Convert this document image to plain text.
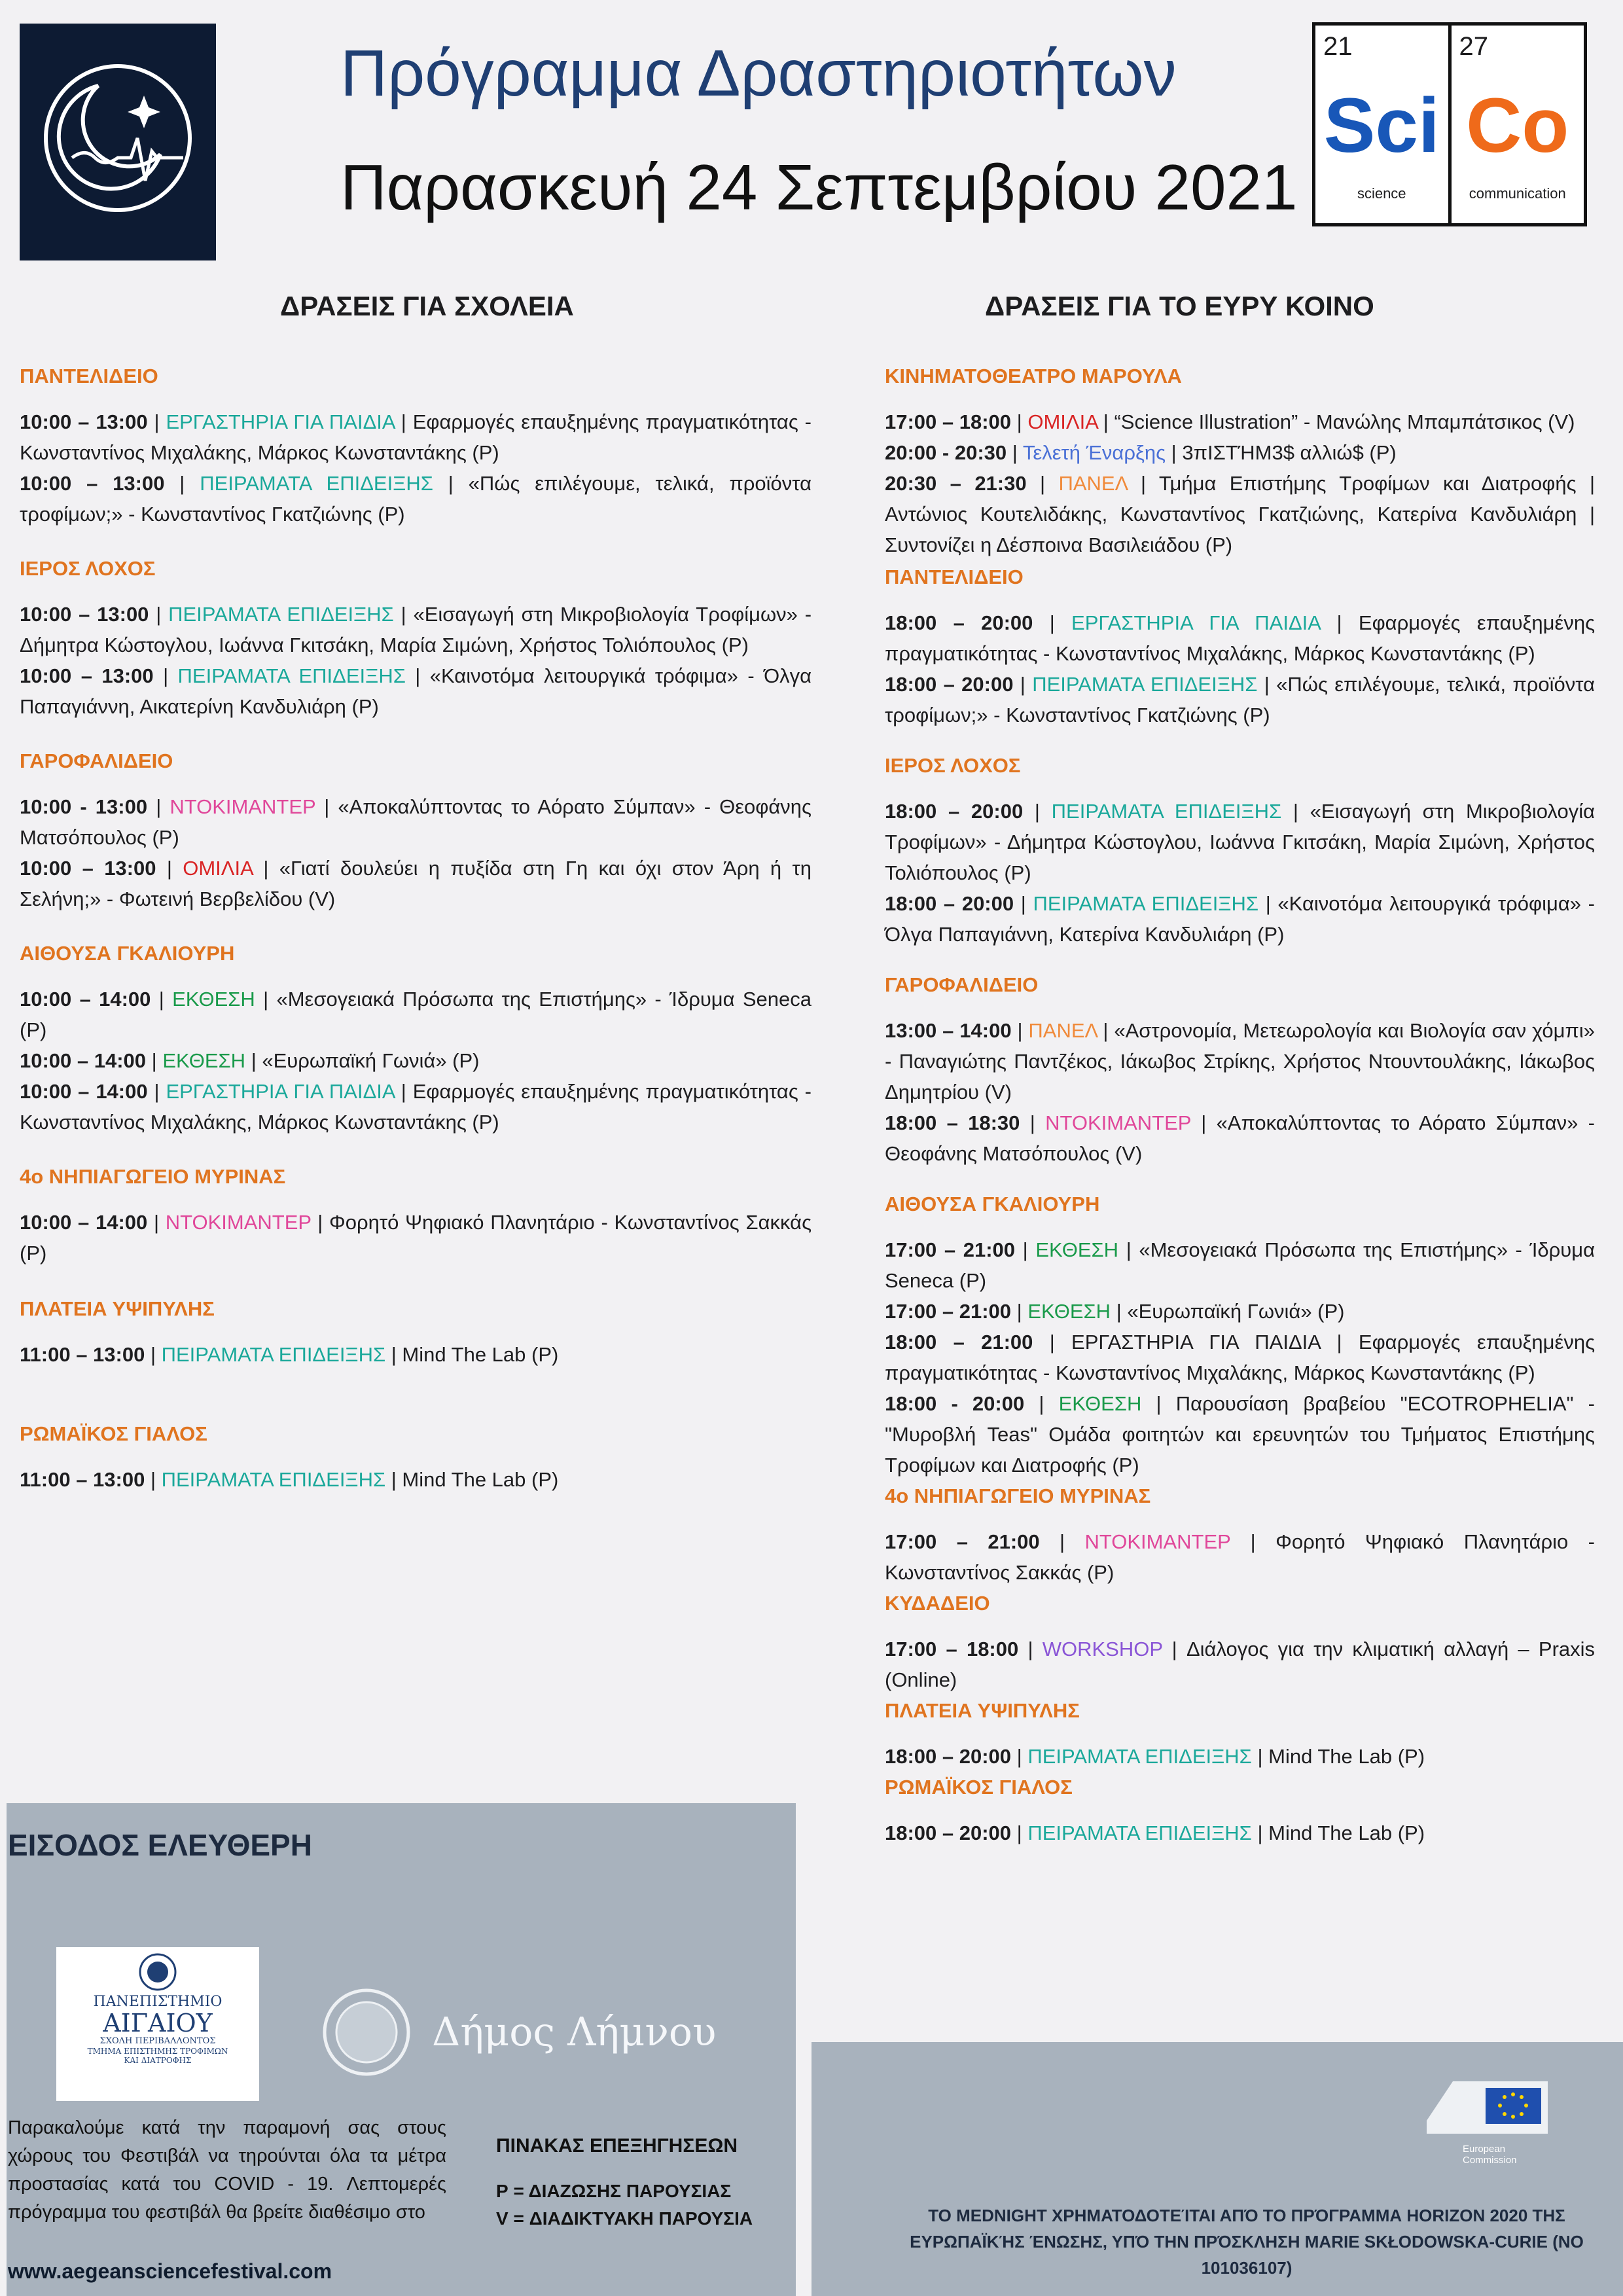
Πρόγραμμα Δραστηριοτήτων
Παρασκευή 24 Σεπτεμβρίου 2021
21
Sci
science
27
Co
communication
ΔΡΑΣΕΙΣ ΓΙΑ ΣΧΟΛΕΙΑ	ΔΡΑΣΕΙΣ ΓΙΑ ΤΟ ΕΥΡΥ ΚΟΙΝΟ

ΠΑΝΤΕΛΙΔΕΙΟ

10:00 – 13:00 | ΕΡΓΑΣΤΗΡΙΑ ΓΙΑ ΠΑΙΔΙΑ | Εφαρμογές επαυξημένης πραγματικότητας - Κωνσταντίνος Μιχαλάκης, Μάρκος Κωνσταντάκης (Ρ)

10:00 – 13:00 | ΠΕΙΡΑΜΑΤΑ ΕΠΙΔΕΙΞΗΣ | «Πώς επιλέγουμε, τελικά, προϊόντα τροφίμων;» - Κωνσταντίνος Γκατζιώνης (Ρ)

ΙΕΡΟΣ ΛΟΧΟΣ

10:00 – 13:00 | ΠΕΙΡΑΜΑΤΑ ΕΠΙΔΕΙΞΗΣ | «Εισαγωγή στη Μικροβιολογία Τροφίμων» - Δήμητρα Κώστογλου, Ιωάννα Γκιτσάκη, Μαρία Σιμώνη, Χρήστος Τολιόπουλος (Ρ)

10:00 – 13:00 | ΠΕΙΡΑΜΑΤΑ ΕΠΙΔΕΙΞΗΣ | «Καινοτόμα λειτουργικά τρόφιμα» - Όλγα Παπαγιάννη, Αικατερίνη Κανδυλιάρη (Ρ)

ΓΑΡΟΦΑΛΙΔΕΙΟ

10:00 - 13:00 | ΝΤΟΚΙΜΑΝΤΕΡ | «Αποκαλύπτοντας το Αόρατο Σύμπαν» - Θεοφάνης Ματσόπουλος (Ρ)

10:00 – 13:00 | ΟΜΙΛΙΑ | «Γιατί δουλεύει η πυξίδα στη Γη και όχι στον Άρη ή τη Σελήνη;» - Φωτεινή Βερβελίδου (V)

ΑΙΘΟΥΣΑ ΓΚΑΛΙΟΥΡΗ

10:00 – 14:00 | ΕΚΘΕΣΗ | «Μεσογειακά Πρόσωπα της Επιστήμης» - Ίδρυμα Seneca (Ρ)

10:00 – 14:00 | ΕΚΘΕΣΗ | «Ευρωπαϊκή Γωνιά» (Ρ)

10:00 – 14:00 | ΕΡΓΑΣΤΗΡΙΑ ΓΙΑ ΠΑΙΔΙΑ | Εφαρμογές επαυξημένης πραγματικότητας - Κωνσταντίνος Μιχαλάκης, Μάρκος Κωνσταντάκης (Ρ)

4ο ΝΗΠΙΑΓΩΓΕΙΟ ΜΥΡΙΝΑΣ

10:00 – 14:00 | ΝΤΟΚΙΜΑΝΤΕΡ | Φορητό Ψηφιακό Πλανητάριο - Κωνσταντίνος Σακκάς (Ρ)

ΠΛΑΤΕΙΑ ΥΨΙΠΥΛΗΣ

11:00 – 13:00 | ΠΕΙΡΑΜΑΤΑ ΕΠΙΔΕΙΞΗΣ | Mind The Lab (Ρ)

ΡΩΜΑΪΚΟΣ ΓΙΑΛΟΣ

11:00 – 13:00 | ΠΕΙΡΑΜΑΤΑ ΕΠΙΔΕΙΞΗΣ | Mind The Lab (Ρ)

ΚΙΝΗΜΑΤΟΘΕΑΤΡΟ ΜΑΡΟΥΛΑ

17:00 – 18:00 | ΟΜΙΛΙΑ | “Science Illustration” - Μανώλης Μπαμπάτσικος (V)

20:00 - 20:30 | Τελετή Έναρξης | 3πΙΣΤΉΜ3$ αλλιώ$ (Ρ)

20:30 – 21:30 | ΠΑΝΕΛ | Τμήμα Επιστήμης Τροφίμων και Διατροφής | Αντώνιος Κουτελιδάκης, Κωνσταντίνος Γκατζιώνης, Κατερίνα Κανδυλιάρη | Συντονίζει η Δέσποινα Βασιλειάδου (Ρ)

ΠΑΝΤΕΛΙΔΕΙΟ

18:00 – 20:00 | ΕΡΓΑΣΤΗΡΙΑ ΓΙΑ ΠΑΙΔΙΑ | Εφαρμογές επαυξημένης πραγματικότητας - Κωνσταντίνος Μιχαλάκης, Μάρκος Κωνσταντάκης (Ρ)

18:00 – 20:00 | ΠΕΙΡΑΜΑΤΑ ΕΠΙΔΕΙΞΗΣ | «Πώς επιλέγουμε, τελικά, προϊόντα τροφίμων;» - Κωνσταντίνος Γκατζιώνης (Ρ)

ΙΕΡΟΣ ΛΟΧΟΣ

18:00 – 20:00 | ΠΕΙΡΑΜΑΤΑ ΕΠΙΔΕΙΞΗΣ | «Εισαγωγή στη Μικροβιολογία Τροφίμων» - Δήμητρα Κώστογλου, Ιωάννα Γκιτσάκη, Μαρία Σιμώνη, Χρήστος Τολιόπουλος (Ρ)

18:00 – 20:00 | ΠΕΙΡΑΜΑΤΑ ΕΠΙΔΕΙΞΗΣ | «Καινοτόμα λειτουργικά τρόφιμα» - Όλγα Παπαγιάννη, Κατερίνα Κανδυλιάρη (Ρ)

ΓΑΡΟΦΑΛΙΔΕΙΟ

13:00 – 14:00 | ΠΑΝΕΛ | «Αστρονομία, Μετεωρολογία και Βιολογία σαν χόμπι» - Παναγιώτης Παντζέκος, Ιάκωβος Στρίκης, Χρήστος Ντουντουλάκης, Ιάκωβος Δημητρίου (V)

18:00 – 18:30 | ΝΤΟΚΙΜΑΝΤΕΡ | «Αποκαλύπτοντας το Αόρατο Σύμπαν» - Θεοφάνης Ματσόπουλος (V)

ΑΙΘΟΥΣΑ ΓΚΑΛΙΟΥΡΗ

17:00 – 21:00 | ΕΚΘΕΣΗ | «Μεσογειακά Πρόσωπα της Επιστήμης» - Ίδρυμα Seneca (Ρ)

17:00 – 21:00 | ΕΚΘΕΣΗ | «Ευρωπαϊκή Γωνιά» (Ρ)

18:00 – 21:00 | ΕΡΓΑΣΤΗΡΙΑ ΓΙΑ ΠΑΙΔΙΑ | Εφαρμογές επαυξημένης πραγματικότητας - Κωνσταντίνος Μιχαλάκης, Μάρκος Κωνσταντάκης (Ρ)

18:00 - 20:00 | ΕΚΘΕΣΗ | Παρουσίαση βραβείου "ECOTROPHELIA" - "Μυροβλή Teas" Ομάδα φοιτητών και ερευνητών του Τμήματος Επιστήμης Τροφίμων και Διατροφής (Ρ)

4ο ΝΗΠΙΑΓΩΓΕΙΟ ΜΥΡΙΝΑΣ

17:00 – 21:00 | ΝΤΟΚΙΜΑΝΤΕΡ | Φορητό Ψηφιακό Πλανητάριο - Κωνσταντίνος Σακκάς (Ρ)

ΚΥΔΑΔΕΙΟ

17:00 – 18:00 | WORKSHOP | Διάλογος για την κλιματική αλλαγή – Praxis (Online)

ΠΛΑΤΕΙΑ ΥΨΙΠΥΛΗΣ

18:00 – 20:00 | ΠΕΙΡΑΜΑΤΑ ΕΠΙΔΕΙΞΗΣ | Mind The Lab (Ρ)

ΡΩΜΑΪΚΟΣ ΓΙΑΛΟΣ

18:00 – 20:00 | ΠΕΙΡΑΜΑΤΑ ΕΠΙΔΕΙΞΗΣ | Mind The Lab (Ρ)

ΕΙΣΟΔΟΣ ΕΛΕΥΘΕΡΗ
ΠΑΝΕΠΙΣΤΗΜΙΟ
ΑΙΓΑΙΟΥ
ΣΧΟΛΗ ΠΕΡΙΒΑΛΛΟΝΤΟΣ
ΤΜΗΜΑ ΕΠΙΣΤΗΜΗΣ ΤΡΟΦΙΜΩΝ
ΚΑΙ ΔΙΑΤΡΟΦΗΣ
Δήμος Λήμνου
Παρακαλούμε κατά την παραμονή σας στους χώρους του Φεστιβάλ να τηρούνται όλα τα μέτρα προστασίας κατά του COVID - 19. Λεπτομερές πρόγραμμα του φεστιβάλ θα βρείτε διαθέσιμο στο
www.aegeansciencefestival.com
ΠΙΝΑΚΑΣ ΕΠΕΞΗΓΗΣΕΩΝ
Ρ = ΔΙΑΖΩΣΗΣ ΠΑΡΟΥΣΙΑΣ
V = ΔΙΑΔΙΚΤΥΑΚΗ ΠΑΡΟΥΣΙΑ
European
Commission
ΤΟ MEDNIGHT ΧΡΗΜΑΤΟΔΟΤΕΊΤΑΙ ΑΠΌ ΤΟ ΠΡΌΓΡΑΜΜΑ HORIZON 2020 ΤΗΣ ΕΥΡΩΠΑΪΚΉΣ ΈΝΩΣΗΣ, ΥΠΌ ΤΗΝ ΠΡΌΣΚΛΗΣΗ MARIE SKŁODOWSKA-CURIE (NO 101036107)
